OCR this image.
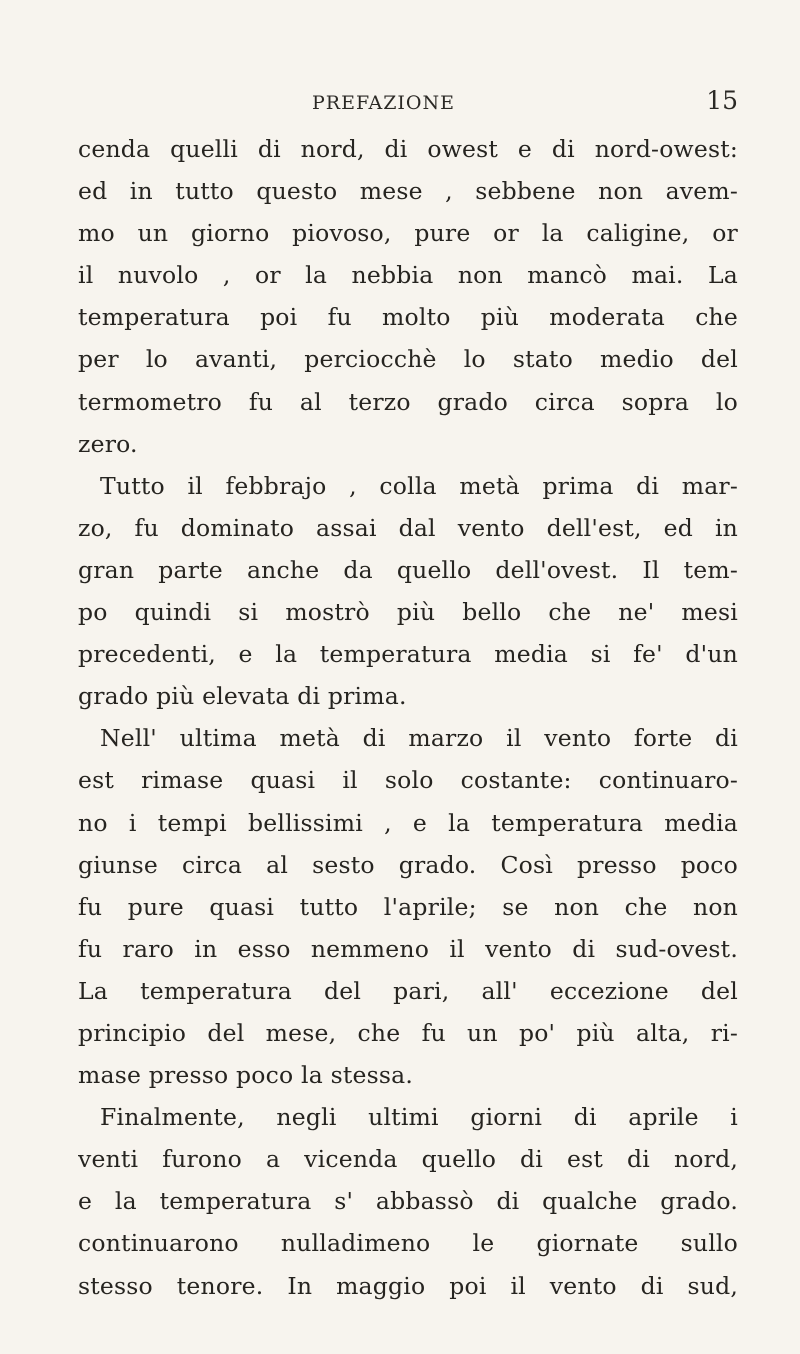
PREFAZIONE	15
cenda quelli di nord, di owest e di nord-owest:
ed in tutto questo mese , sebbene non avem-
mo un giorno piovoso, pure or la caligine, or
il nuvolo , or la nebbia non mancò mai. La
temperatura poi fu molto più moderata che
per lo avanti, perciocchè lo stato medio del
termometro fu al terzo grado circa sopra lo
zero.
Tutto il febbrajo , colla metà prima di mar-
zo, fu dominato assai dal vento dell'est, ed in
gran parte anche da quello dell'ovest. Il tem-
po quindi si mostrò più bello che ne' mesi
precedenti, e la temperatura media si fe' d'un
grado più elevata di prima.
Nell' ultima metà di marzo il vento forte di
est rimase quasi il solo costante: continuaro-
no i tempi bellissimi , e la temperatura media
giunse circa al sesto grado. Così presso poco
fu pure quasi tutto l'aprile; se non che non
fu raro in esso nemmeno il vento di sud-ovest.
La temperatura del pari, all' eccezione del
principio del mese, che fu un po' più alta, ri-
mase presso poco la stessa.
Finalmente, negli ultimi giorni di aprile i
venti furono a vicenda quello di est di nord,
e la temperatura s' abbassò di qualche grado.
continuarono nulladimeno le giornate sullo
stesso tenore. In maggio poi il vento di sud,
